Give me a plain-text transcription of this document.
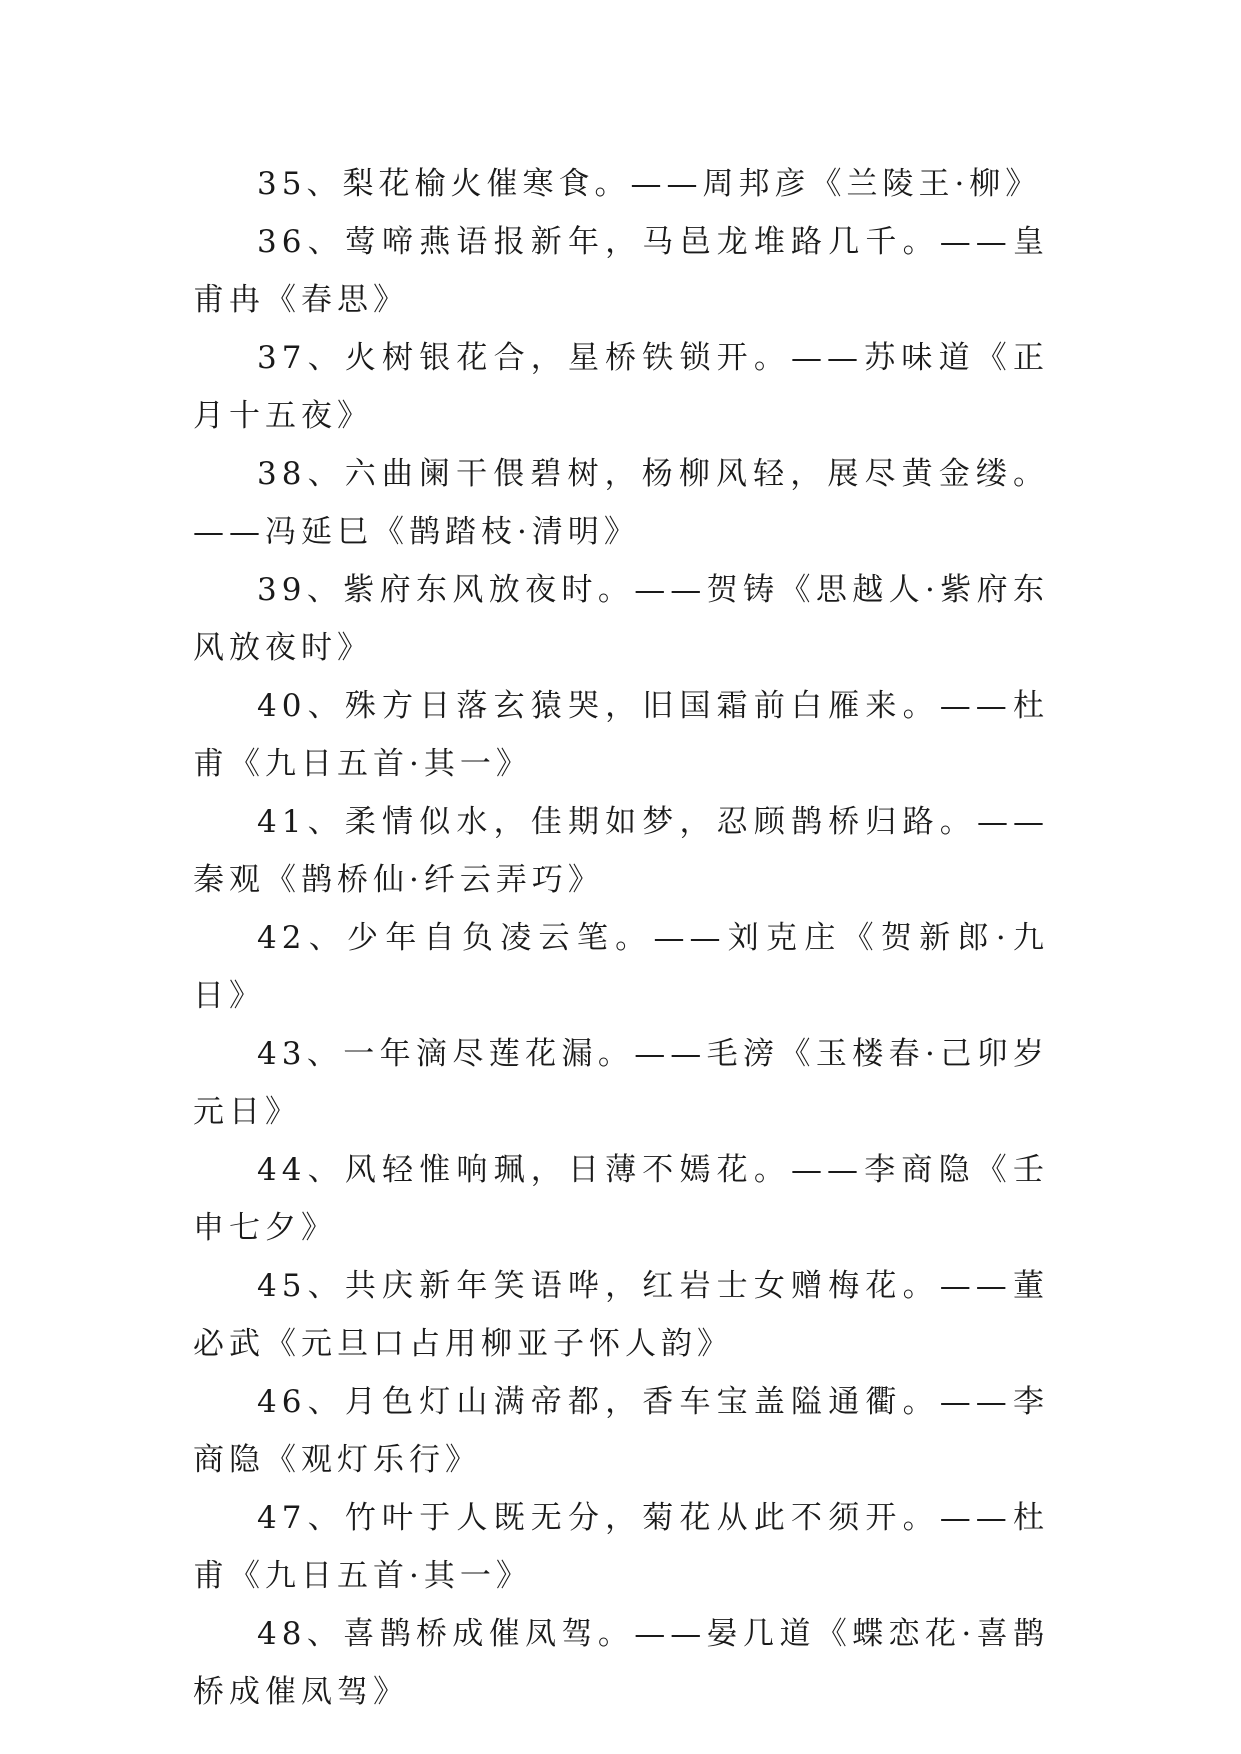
35、梨花榆火催寒食。——周邦彦《兰陵王·柳》

36、莺啼燕语报新年，马邑龙堆路几千。——皇甫冉《春思》

37、火树银花合，星桥铁锁开。——苏味道《正月十五夜》

38、六曲阑干偎碧树，杨柳风轻，展尽黄金缕。——冯延巳《鹊踏枝·清明》

39、紫府东风放夜时。——贺铸《思越人·紫府东风放夜时》

40、殊方日落玄猿哭，旧国霜前白雁来。——杜甫《九日五首·其一》

41、柔情似水，佳期如梦，忍顾鹊桥归路。——秦观《鹊桥仙·纤云弄巧》

42、少年自负凌云笔。——刘克庄《贺新郎·九日》

43、一年滴尽莲花漏。——毛滂《玉楼春·己卯岁元日》

44、风轻惟响珮，日薄不嫣花。——李商隐《壬申七夕》

45、共庆新年笑语哗，红岩士女赠梅花。——董必武《元旦口占用柳亚子怀人韵》

46、月色灯山满帝都，香车宝盖隘通衢。——李商隐《观灯乐行》

47、竹叶于人既无分，菊花从此不须开。——杜甫《九日五首·其一》

48、喜鹊桥成催凤驾。——晏几道《蝶恋花·喜鹊桥成催凤驾》
